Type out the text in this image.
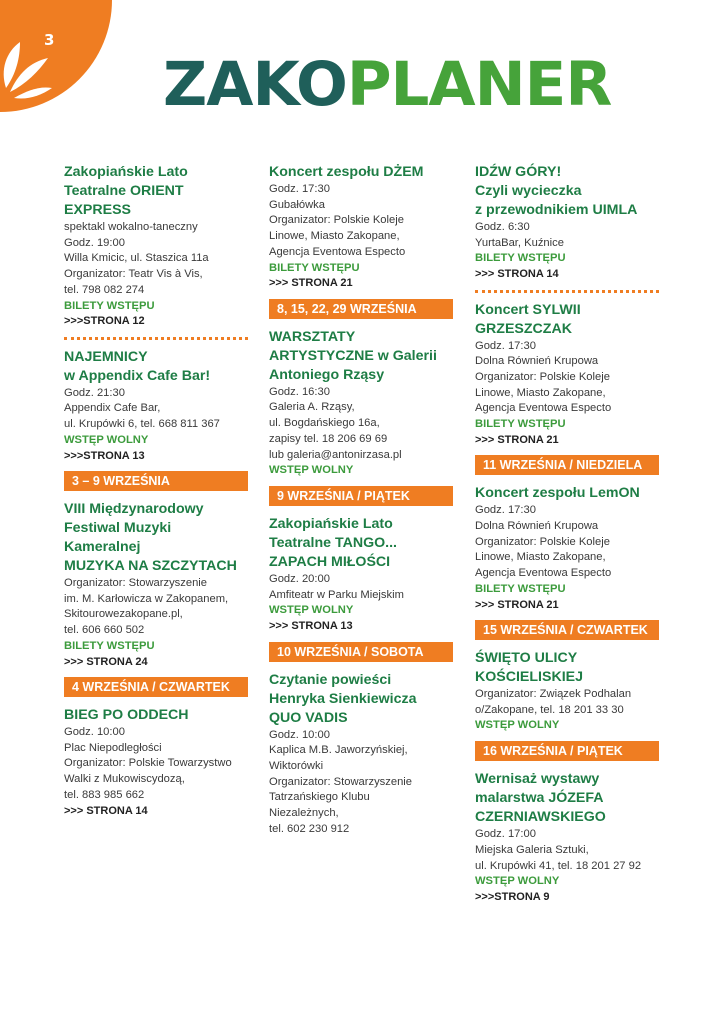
3
ZAKOPLANER
Zakopiańskie Lato
Teatralne ORIENT
EXPRESS
spektakl wokalno-taneczny
Godz. 19:00
Willa Kmicic, ul. Staszica 11a
Organizator: Teatr Vis à Vis,
tel. 798 082 274
BILETY WSTĘPU
>>>STRONA 12
NAJEMNICY
w Appendix Cafe Bar!
Godz. 21:30
Appendix Cafe Bar,
ul. Krupówki 6, tel. 668 811 367
WSTĘP WOLNY
>>>STRONA 13
3 – 9 WRZEŚNIA
VIII Międzynarodowy
Festiwal Muzyki
Kameralnej
MUZYKA NA SZCZYTACH
Organizator: Stowarzyszenie
im. M. Karłowicza w Zakopanem,
Skitourowezakopane.pl,
tel. 606 660 502
BILETY WSTĘPU
>>> STRONA 24
4 WRZEŚNIA / CZWARTEK
BIEG PO ODDECH
Godz. 10:00
Plac Niepodległości
Organizator: Polskie Towarzystwo
Walki z Mukowiscydozą,
tel. 883 985 662
>>> STRONA 14
Koncert zespołu DŻEM
Godz. 17:30
Gubałówka
Organizator: Polskie Koleje
Linowe, Miasto Zakopane,
Agencja Eventowa Especto
BILETY WSTĘPU
>>> STRONA 21
8, 15, 22, 29 WRZEŚNIA
WARSZTATY
ARTYSTYCZNE w Galerii
Antoniego Rząsy
Godz. 16:30
Galeria A. Rząsy,
ul. Bogdańskiego 16a,
zapisy tel. 18 206 69 69
lub galeria@antonirzasa.pl
WSTĘP WOLNY
9 WRZEŚNIA / PIĄTEK
Zakopiańskie Lato
Teatralne TANGO...
ZAPACH MIŁOŚCI
Godz. 20:00
Amfiteatr w Parku Miejskim
WSTĘP WOLNY
>>> STRONA 13
10 WRZEŚNIA / SOBOTA
Czytanie powieści
Henryka Sienkiewicza
QUO VADIS
Godz. 10:00
Kaplica M.B. Jaworzyńskiej,
Wiktorówki
Organizator: Stowarzyszenie
Tatrzańskiego Klubu
Niezależnych,
tel. 602 230 912
IDŹW GÓRY!
Czyli wycieczka
z przewodnikiem UIMLA
Godz. 6:30
YurtaBar, Kuźnice
BILETY WSTĘPU
>>> STRONA 14
Koncert SYLWII
GRZESZCZAK
Godz. 17:30
Dolna Równień Krupowa
Organizator: Polskie Koleje
Linowe, Miasto Zakopane,
Agencja Eventowa Especto
BILETY WSTĘPU
>>> STRONA 21
11 WRZEŚNIA / NIEDZIELA
Koncert zespołu LemON
Godz. 17:30
Dolna Równień Krupowa
Organizator: Polskie Koleje
Linowe, Miasto Zakopane,
Agencja Eventowa Especto
BILETY WSTĘPU
>>> STRONA 21
15 WRZEŚNIA / CZWARTEK
ŚWIĘTO ULICY
KOŚCIELISKIEJ
Organizator: Związek Podhalan
o/Zakopane, tel. 18 201 33 30
WSTĘP WOLNY
16 WRZEŚNIA / PIĄTEK
Wernisaż wystawy
malarstwa JÓZEFA
CZERNIAWSKIEGO
Godz. 17:00
Miejska Galeria Sztuki,
ul. Krupówki 41, tel. 18 201 27 92
WSTĘP WOLNY
>>>STRONA 9
